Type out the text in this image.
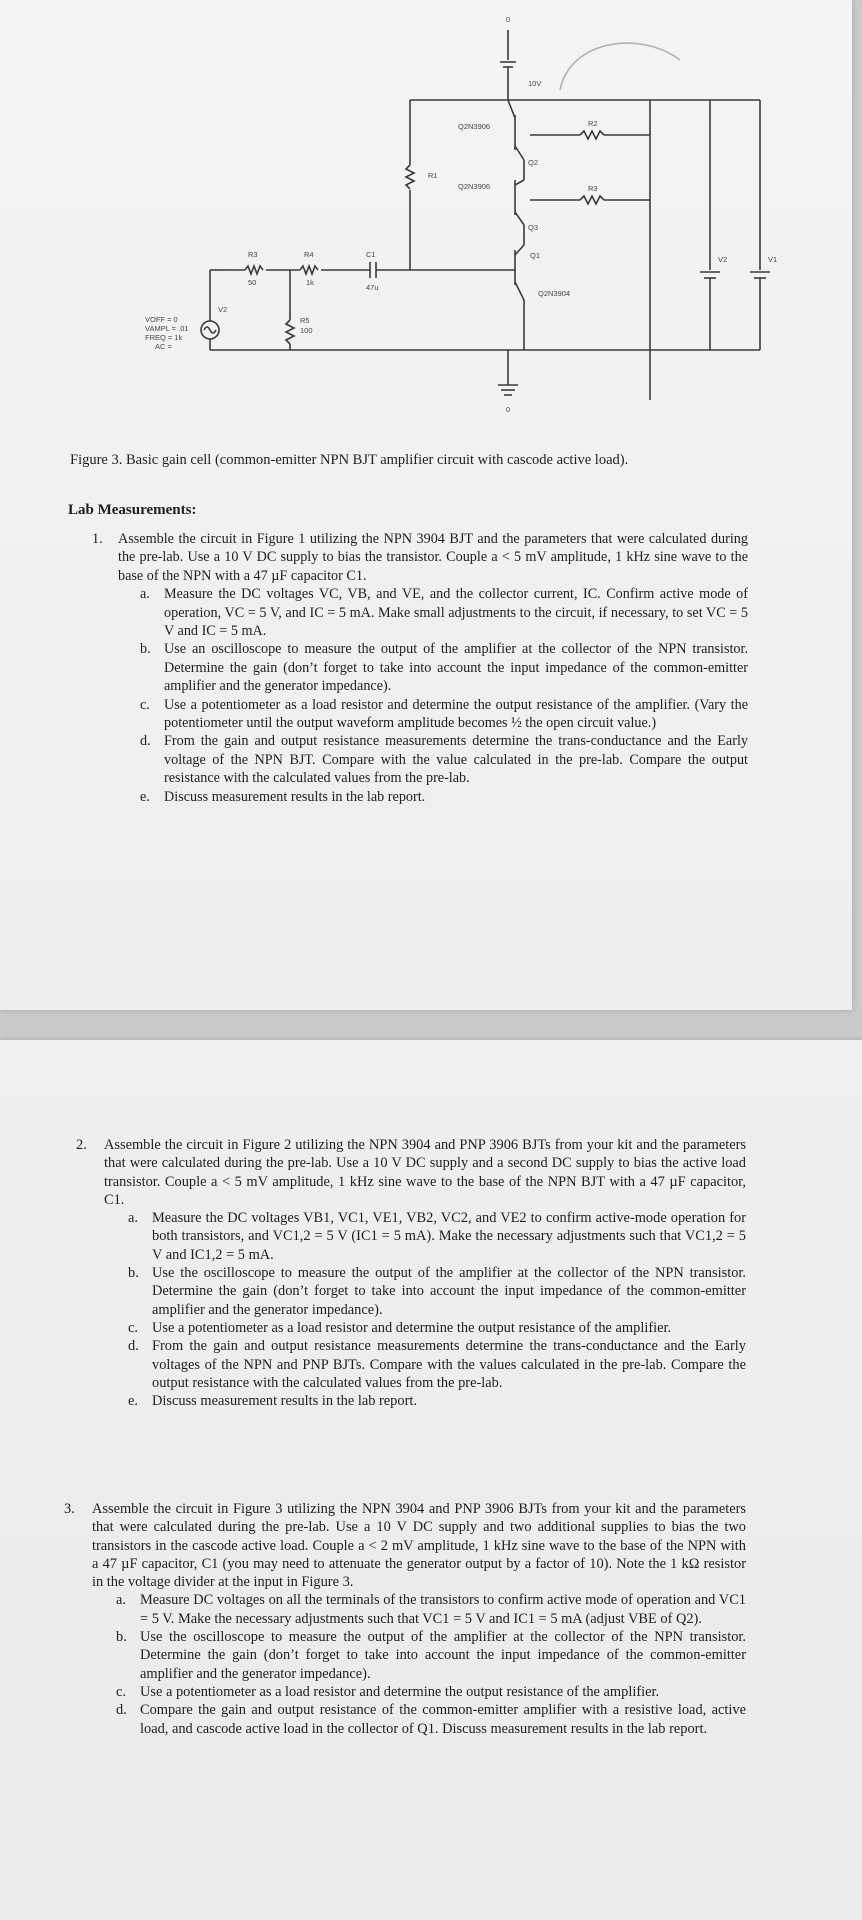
0
10V
Q2N3906
Q2
R1
Q2N3906
Q3
R2
R3
Q1
Q2N3904
R3
50
R4
1k
C1
47u
R5
100
V2
V2	V1
VOFF = 0
VAMPL = .01
FREQ = 1k
AC =
0
Figure 3. Basic gain cell (common-emitter NPN BJT amplifier circuit with cascode active load).
Lab Measurements:
1. Assemble the circuit in Figure 1 utilizing the NPN 3904 BJT and the parameters that were calculated during the pre-lab. Use a 10 V DC supply to bias the transistor. Couple a < 5 mV amplitude, 1 kHz sine wave to the base of the NPN with a 47 µF capacitor C1.
a. Measure the DC voltages VC, VB, and VE, and the collector current, IC. Confirm active mode of operation, VC = 5 V, and IC = 5 mA. Make small adjustments to the circuit, if necessary, to set VC = 5 V and IC = 5 mA.
b. Use an oscilloscope to measure the output of the amplifier at the collector of the NPN transistor. Determine the gain (don’t forget to take into account the input impedance of the common-emitter amplifier and the generator impedance).
c. Use a potentiometer as a load resistor and determine the output resistance of the amplifier. (Vary the potentiometer until the output waveform amplitude becomes ½ the open circuit value.)
d. From the gain and output resistance measurements determine the trans-conductance and the Early voltage of the NPN BJT. Compare with the value calculated in the pre-lab. Compare the output resistance with the calculated values from the pre-lab.
e. Discuss measurement results in the lab report.
2. Assemble the circuit in Figure 2 utilizing the NPN 3904 and PNP 3906 BJTs from your kit and the parameters that were calculated during the pre-lab. Use a 10 V DC supply and a second DC supply to bias the active load transistor. Couple a < 5 mV amplitude, 1 kHz sine wave to the base of the NPN BJT with a 47 µF capacitor, C1.
a. Measure the DC voltages VB1, VC1, VE1, VB2, VC2, and VE2 to confirm active-mode operation for both transistors, and VC1,2 = 5 V (IC1 = 5 mA). Make the necessary adjustments such that VC1,2 = 5 V and IC1,2 = 5 mA.
b. Use the oscilloscope to measure the output of the amplifier at the collector of the NPN transistor. Determine the gain (don’t forget to take into account the input impedance of the common-emitter amplifier and the generator impedance).
c. Use a potentiometer as a load resistor and determine the output resistance of the amplifier.
d. From the gain and output resistance measurements determine the trans-conductance and the Early voltages of the NPN and PNP BJTs. Compare with the values calculated in the pre-lab. Compare the output resistance with the calculated values from the pre-lab.
e. Discuss measurement results in the lab report.
3. Assemble the circuit in Figure 3 utilizing the NPN 3904 and PNP 3906 BJTs from your kit and the parameters that were calculated during the pre-lab. Use a 10 V DC supply and two additional supplies to bias the two transistors in the cascode active load. Couple a < 2 mV amplitude, 1 kHz sine wave to the base of the NPN with a 47 µF capacitor, C1 (you may need to attenuate the generator output by a factor of 10). Note the 1 kΩ resistor in the voltage divider at the input in Figure 3.
a. Measure DC voltages on all the terminals of the transistors to confirm active mode of operation and VC1 = 5 V. Make the necessary adjustments such that VC1 = 5 V and IC1 = 5 mA (adjust VBE of Q2).
b. Use the oscilloscope to measure the output of the amplifier at the collector of the NPN transistor. Determine the gain (don’t forget to take into account the input impedance of the common-emitter amplifier and the generator impedance).
c. Use a potentiometer as a load resistor and determine the output resistance of the amplifier.
d. Compare the gain and output resistance of the common-emitter amplifier with a resistive load, active load, and cascode active load in the collector of Q1. Discuss measurement results in the lab report.
